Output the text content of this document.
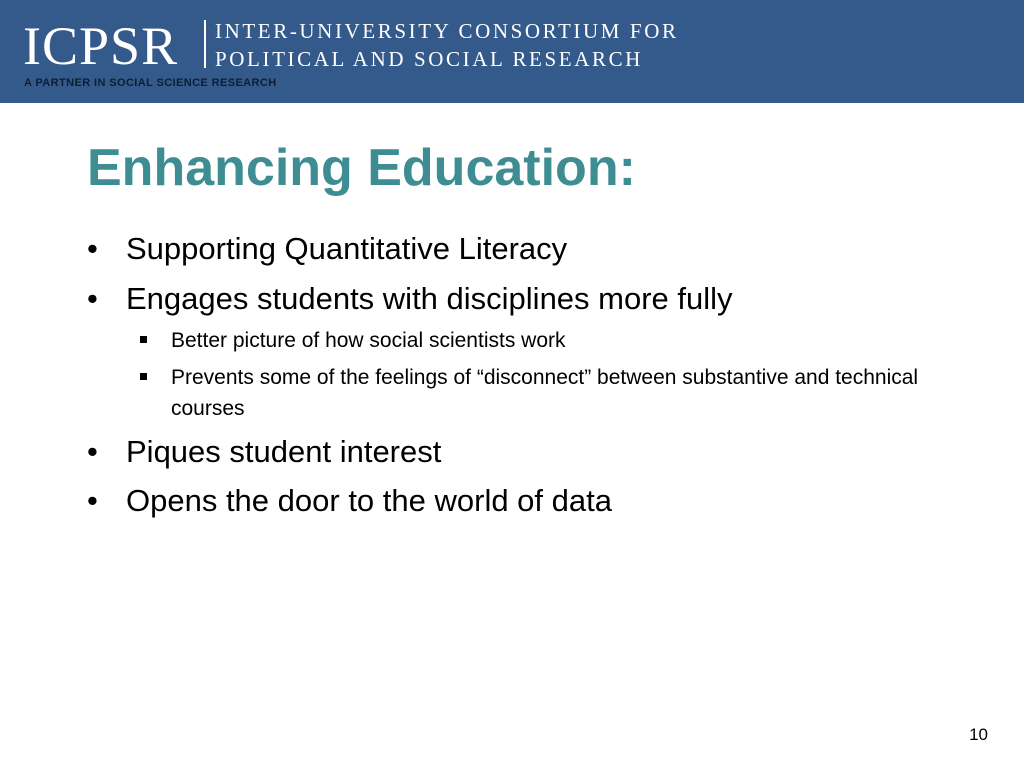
ICPSR INTER-UNIVERSITY CONSORTIUM FOR
POLITICAL AND SOCIAL RESEARCH
A PARTNER IN SOCIAL SCIENCE RESEARCH
Enhancing Education:
• Supporting Quantitative Literacy
• Engages students with disciplines more fully
Better picture of how social scientists work
Prevents some of the feelings of “disconnect” between substantive and technical courses
• Piques student interest
• Opens the door to the world of data
10
